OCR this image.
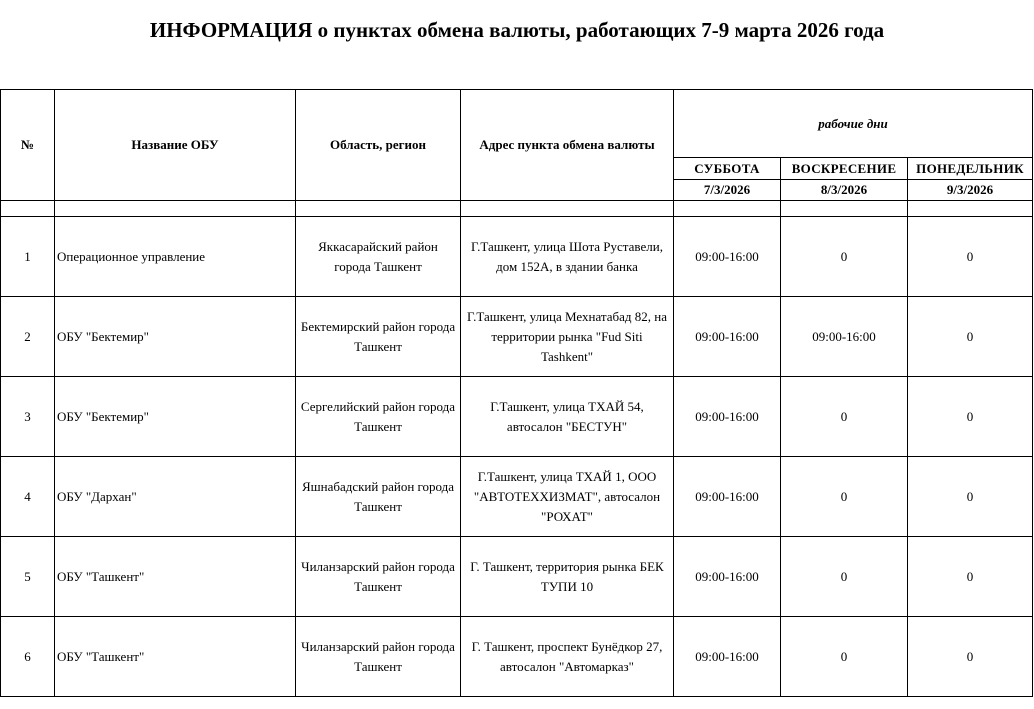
ИНФОРМАЦИЯ о пунктах обмена валюты, работающих 7-9 марта 2026 года
№	Название ОБУ	Область, регион	Адрес пункта обмена валюты	рабочие дни		
				СУББОТА	ВОСКРЕСЕНИЕ	ПОНЕДЕЛЬНИК
				7/3/2026	8/3/2026	9/3/2026

1	Операционное управление	Яккасарайский район города Ташкент	Г.Ташкент, улица Шота Руставели, дом 152А, в здании банка	09:00-16:00	0	0
2	ОБУ "Бектемир"	Бектемирский район города Ташкент	Г.Ташкент, улица Мехнатабад 82, на территории рынка "Fud Siti Tashkent"	09:00-16:00	09:00-16:00	0
3	ОБУ "Бектемир"	Сергелийский район города Ташкент	Г.Ташкент, улица ТХАЙ 54, автосалон "БЕСТУН"	09:00-16:00	0	0
4	ОБУ "Дархан"	Яшнабадский район города Ташкент	Г.Ташкент, улица ТХАЙ 1, ООО "АВТОТЕХХИЗМАТ", автосалон "РОХАТ"	09:00-16:00	0	0
5	ОБУ "Ташкент"	Чиланзарский район города Ташкент	Г. Ташкент, территория рынка БЕК ТУПИ 10	09:00-16:00	0	0
6	ОБУ "Ташкент"	Чиланзарский район города Ташкент	Г. Ташкент, проспект Бунёдкор 27, автосалон "Автомарказ"	09:00-16:00	0	0
